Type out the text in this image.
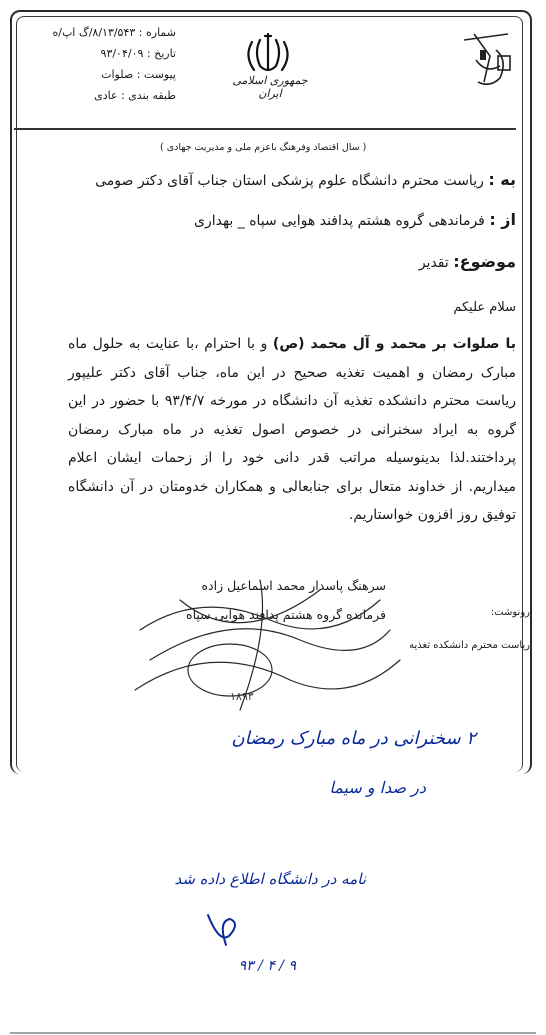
شماره : ۸/۱۳/۵۴۳/گ اپ/ه
تاریخ : ۹۳/۰۴/۰۹
پیوست : صلوات
طبقه بندی : عادی
جمهوری اسلامی ایران
( سال اقتصاد وفرهنگ باعزم ملی و مدیریت جهادی )
به : ریاست محترم دانشگاه علوم پزشکی استان جناب آقای دکتر صومی
از : فرماندهی گروه هشتم پدافند هوایی سپاه _ بهداری
موضوع: تقدیر
سلام علیکم
با صلوات بر محمد و آل محمد (ص) و با احترام ،با عنایت به حلول ماه مبارک رمضان و اهمیت تغذیه صحیح در این ماه، جناب آقای دکتر علیپور ریاست محترم دانشکده تغذیه آن دانشگاه در مورخه ۹۳/۴/۷ با حضور در این گروه به ایراد سخنرانی در خصوص اصول تغذیه در ماه مبارک رمضان پرداختند.لذا بدینوسیله مراتب قدر دانی خود را از زحمات ایشان اعلام میداریم. از خداوند متعال برای جنابعالی و همکاران خدومتان در آن دانشگاه توفیق روز افزون خواستاریم.
سرهنگ پاسدار محمد اسماعیل زاده
فرمانده گروه هشتم پدافند هوایی سپاه	رونوشت:
ریاست محترم دانشکده تغذیه
۱۸۹۳
۲ سخنرانی در ماه مبارک رمضان
در صدا و سیما
نامه در دانشگاه اطلاع داده شد
۹ / ۴ / ۹۳
